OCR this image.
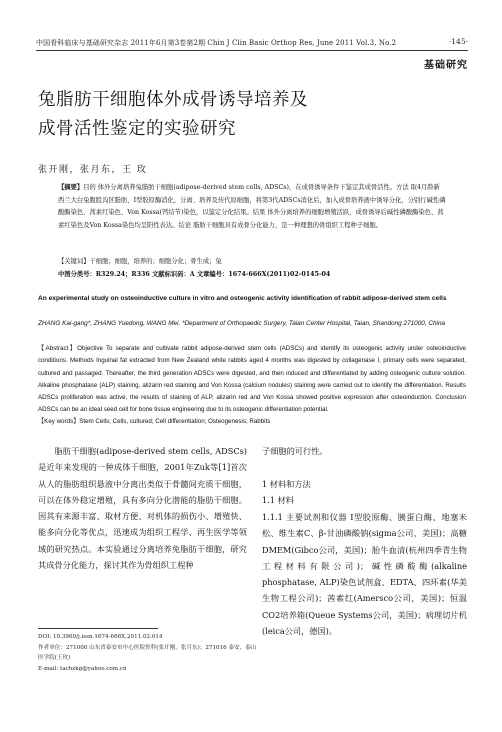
中国骨科临床与基础研究杂志 2011年6月第3卷第2期 Chin J Clin Basic Orthop Res, June 2011 Vol.3, No.2	·145·
基础研究
兔脂肪干细胞体外成骨诱导培养及
成骨活性鉴定的实验研究
张开刚，张月东，王 玫
【摘要】目的 体外分离培养兔脂肪干细胞(adipose-derived stem cells, ADSCs)，在成骨诱导条件下鉴定其成骨活性。方法 取4月龄新西兰大白兔腹股沟区脂肪，I型胶原酶消化，分离、培养及传代原细胞，将第3代ADSCs消化后，加入成骨培养液中诱导分化，分别行碱性磷酸酶染色、茜素红染色、Von Kossa(钙结节)染色，以鉴定分化结果。结果 体外分离培养的细胞增殖活跃，成骨诱导后碱性磷酸酶染色、茜素红染色及Von Kossa染色均呈阳性表达。结论 脂肪干细胞具有成骨分化能力，是一种理想的骨组织工程种子细胞。
【关键词】干细胞；细胞，培养的；细胞分化；骨生成；兔
中图分类号：R329.24；R336 文献标识码：A 文章编号：1674-666X(2011)02-0145-04
An experimental study on osteoinductive culture in vitro and osteogenic activity identification of rabbit adipose-derived stem cells
ZHANG Kai-gang*, ZHANG Yuedong, WANG Mei. *Department of Orthopaedic Surgery, Taian Center Hospital, Taian, Shandong 271000, China
【Abstract】Objective To separate and cultivate rabbit adipose-derived stem cells (ADSCs) and identify its osteogenic activity under osteoinductive conditions. Methods Inguinal fat extracted from New Zealand white rabbits aged 4 months was digested by collagenase I, primary cells were separated, cultured and passaged. Thereafter, the third generation ADSCs were digested, and then induced and differentiated by adding osteogenic culture solution. Alkaline phosphatase (ALP) staining, alizarin red staining and Von Kossa (calcium nodules) staining were carried out to identify the differentiation. Results ADSCs proliferation was active, the results of staining of ALP, alizarin red and Von Kossa showed positive expression after osteoinduction. Conclusion ADSCs can be an ideal seed cell for bone tissue engineering due to its osteogenic differentiation potential.
【Key words】Stem Cells; Cells, cultured; Cell differentiation; Osteogenesis; Rabbits
脂肪干细胞(adipose-derived stem cells, ADSCs)是近年来发现的一种成体干细胞，2001年Zuk等[1]首次从人的脂肪组织悬液中分离出类似于骨髓间充质干细胞，可以在体外稳定增殖，具有多向分化潜能的脂肪干细胞。因其有来源丰富、取材方便、对机体的损伤小、增殖快、能多向分化等优点，迅速成为组织工程学、再生医学等领域的研究热点。本实验通过分离培养兔脂肪干细胞，研究其成骨分化能力，探讨其作为骨组织工程种
子细胞的可行性。
1 材料和方法
1.1 材料
1.1.1 主要试剂和仪器 I型胶原酶、胰蛋白酶、地塞米松、维生素C、β-甘油磷酸钠(sigma公司，美国)；高糖DMEM(Gibco公司，美国)；胎牛血清(杭州四季青生物工程材料有限公司)；碱性磷酸酶(alkaline phosphatase, ALP)染色试剂盒、EDTA、四环素(华美生物工程公司)；茜素红(Amersco公司，美国)；恒温CO2培养箱(Queue Systems公司，美国)；病理切片机(leica公司，德国)。
DOI: 10.3969/j.issn.1674-666X.2011.02.014
作者单位：271000 山东省泰安市中心医院骨科(张开刚，张月东)；271016 泰安，泰山医学院(王玫)
E-mail: tachzkg@yahoo.com.cn
